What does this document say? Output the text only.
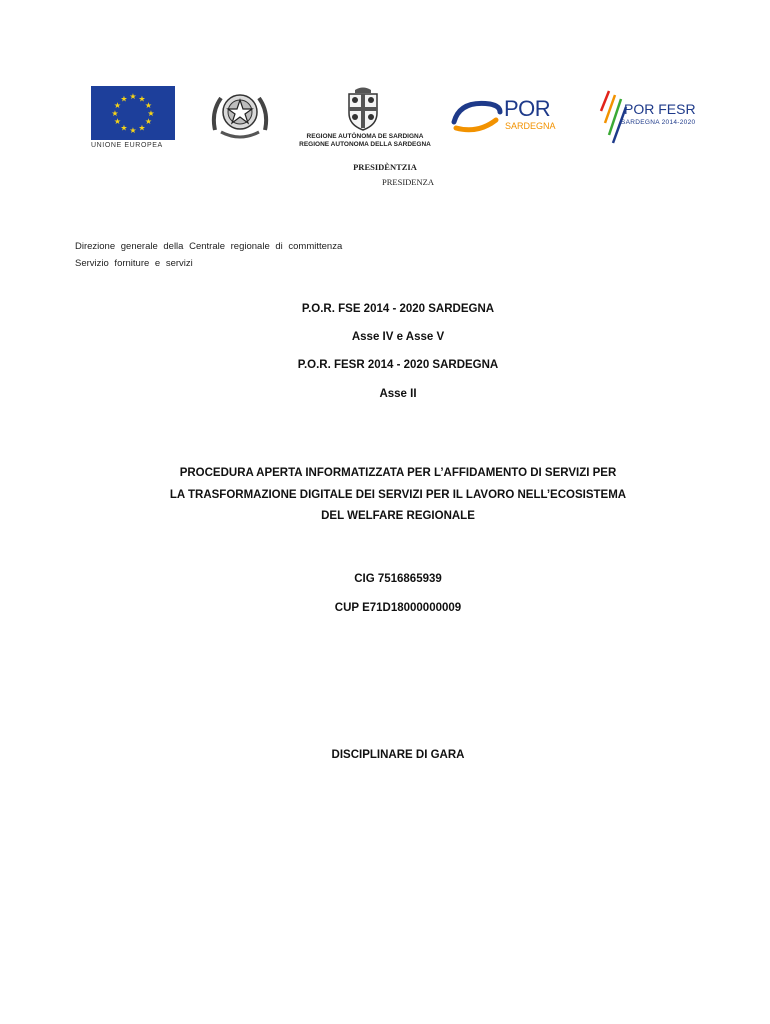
★ ★
★
★
★
★
★
★
★
★
★
★
UNIONE EUROPEA
REGIONE AUTÒNOMA DE SARDIGNA
REGIONE AUTONOMA DELLA SARDEGNA
POR
SARDEGNA
POR FESR
SARDEGNA 2014-2020
PRESIDÈNTZIA
PRESIDENZA
Direzione generale della Centrale regionale di committenza
Servizio forniture e servizi
P.O.R. FSE 2014 - 2020 SARDEGNA
Asse IV e Asse V
P.O.R. FESR 2014 - 2020 SARDEGNA
Asse II
PROCEDURA APERTA INFORMATIZZATA PER L’AFFIDAMENTO DI SERVIZI PER
LA TRASFORMAZIONE DIGITALE DEI SERVIZI PER IL LAVORO NELL’ECOSISTEMA
DEL WELFARE REGIONALE
CIG 7516865939
CUP E71D18000000009
DISCIPLINARE DI GARA
